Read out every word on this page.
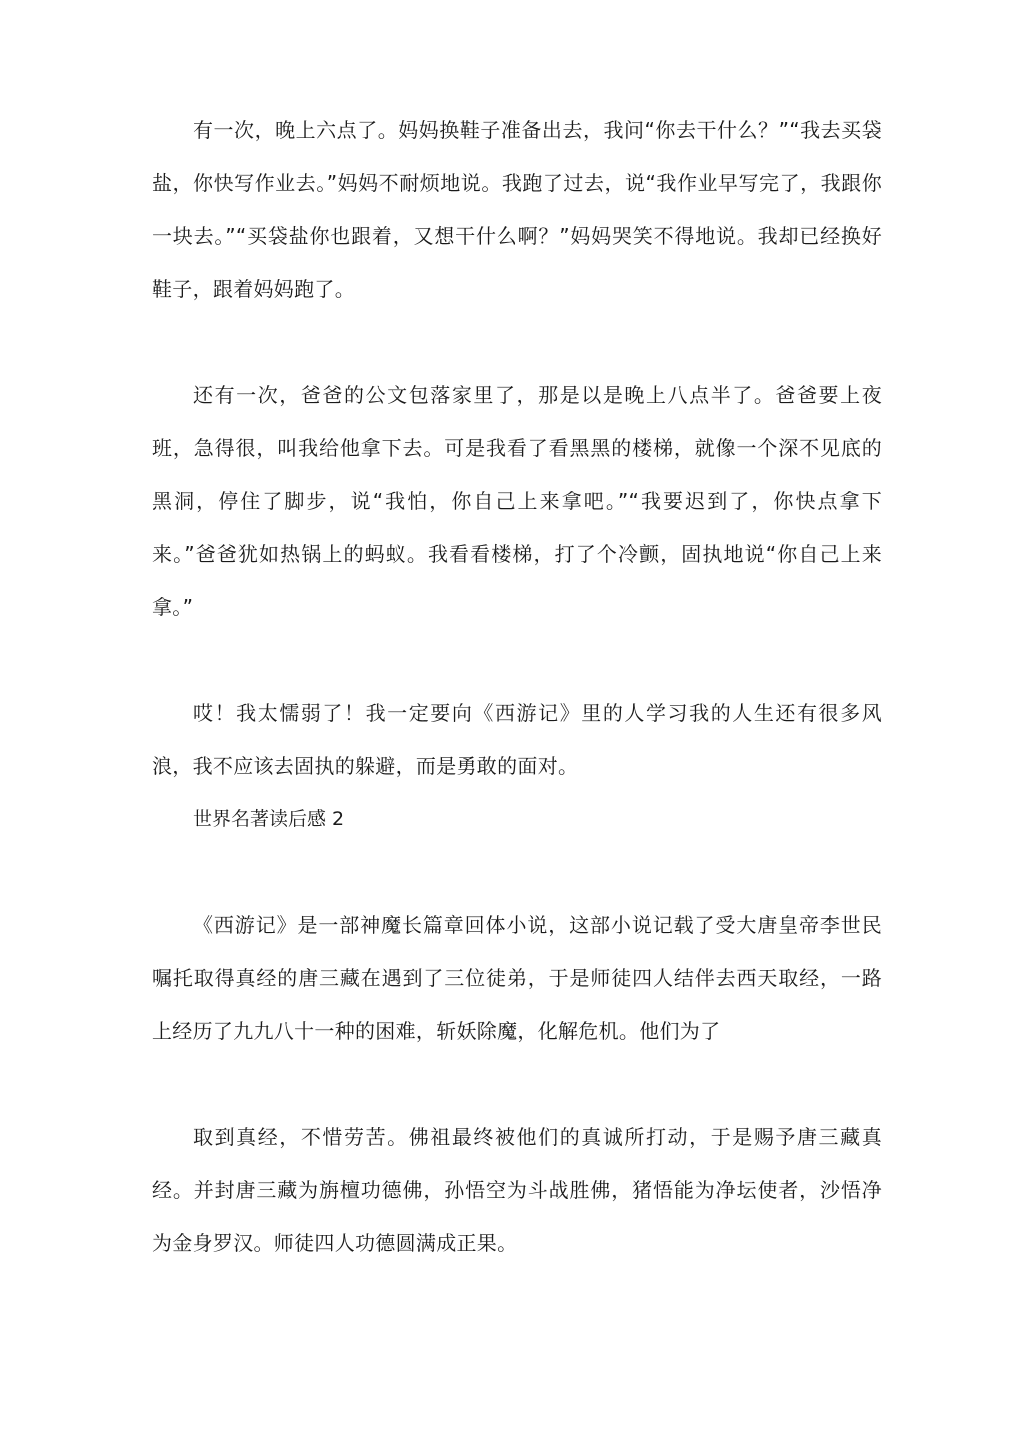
有一次，晚上六点了。妈妈换鞋子准备出去，我问“你去干什么？”“我去买袋盐，你快写作业去。”妈妈不耐烦地说。我跑了过去，说“我作业早写完了，我跟你一块去。”“买袋盐你也跟着，又想干什么啊？”妈妈哭笑不得地说。我却已经换好鞋子，跟着妈妈跑了。

还有一次，爸爸的公文包落家里了，那是以是晚上八点半了。爸爸要上夜班，急得很，叫我给他拿下去。可是我看了看黑黑的楼梯，就像一个深不见底的黑洞，停住了脚步，说“我怕，你自己上来拿吧。”“我要迟到了，你快点拿下来。”爸爸犹如热锅上的蚂蚁。我看看楼梯，打了个冷颤，固执地说“你自己上来拿。”

哎！我太懦弱了！我一定要向《西游记》里的人学习我的人生还有很多风浪，我不应该去固执的躲避，而是勇敢的面对。

世界名著读后感 2

《西游记》是一部神魔长篇章回体小说，这部小说记载了受大唐皇帝李世民嘱托取得真经的唐三藏在遇到了三位徒弟，于是师徒四人结伴去西天取经，一路上经历了九九八十一种的困难，斩妖除魔，化解危机。他们为了

取到真经，不惜劳苦。佛祖最终被他们的真诚所打动，于是赐予唐三藏真经。并封唐三藏为旃檀功德佛，孙悟空为斗战胜佛，猪悟能为净坛使者，沙悟净为金身罗汉。师徒四人功德圆满成正果。
